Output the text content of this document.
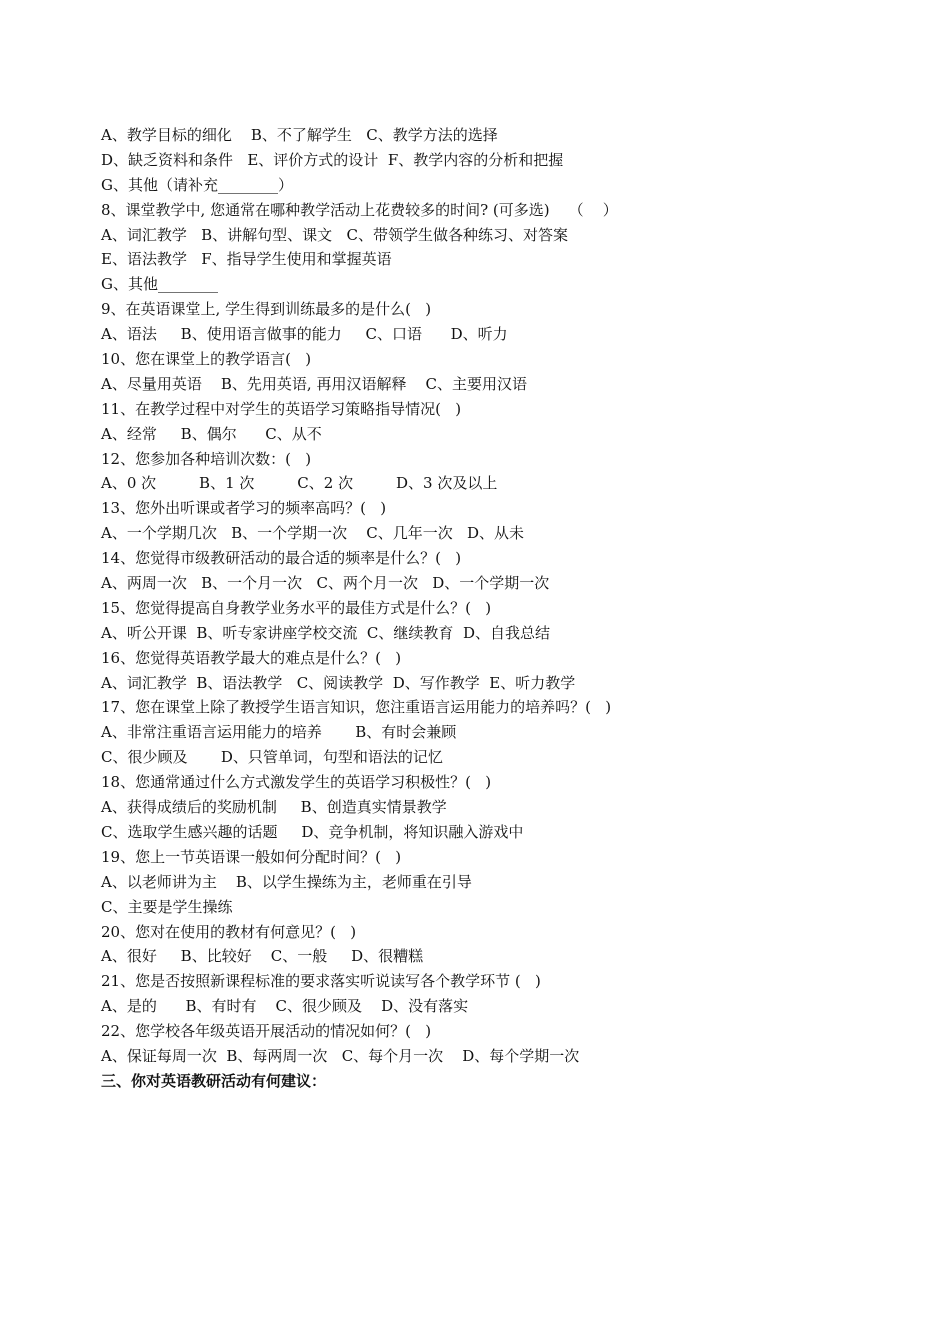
A、教学目标的细化    B、不了解学生   C、教学方法的选择
D、缺乏资料和条件   E、评价方式的设计  F、教学内容的分析和把握
G、其他（请补充________）
8、课堂教学中, 您通常在哪种教学活动上花费较多的时间? (可多选)    （    ）
A、词汇教学   B、讲解句型、课文   C、带领学生做各种练习、对答案
E、语法教学   F、指导学生使用和掌握英语
G、其他________
9、在英语课堂上, 学生得到训练最多的是什么(   )
A、语法     B、使用语言做事的能力     C、口语      D、听力
10、您在课堂上的教学语言(   )
A、尽量用英语    B、先用英语, 再用汉语解释    C、主要用汉语
11、在教学过程中对学生的英语学习策略指导情况(   )
A、经常     B、偶尔      C、从不
12、您参加各种培训次数：(   )
A、0 次         B、1 次         C、2 次         D、3 次及以上
13、您外出听课或者学习的频率高吗？(   )
A、一个学期几次   B、一个学期一次    C、几年一次   D、从未
14、您觉得市级教研活动的最合适的频率是什么？(   )
A、两周一次   B、一个月一次   C、两个月一次   D、一个学期一次
15、您觉得提高自身教学业务水平的最佳方式是什么？(   )
A、听公开课  B、听专家讲座学校交流  C、继续教育  D、自我总结
16、您觉得英语教学最大的难点是什么？(   )
A、词汇教学  B、语法教学   C、阅读教学  D、写作教学  E、听力教学
17、您在课堂上除了教授学生语言知识，您注重语言运用能力的培养吗？(   )
A、非常注重语言运用能力的培养       B、有时会兼顾
C、很少顾及       D、只管单词，句型和语法的记忆
18、您通常通过什么方式激发学生的英语学习积极性？(   )
A、获得成绩后的奖励机制     B、创造真实情景教学
C、选取学生感兴趣的话题     D、竞争机制，将知识融入游戏中
19、您上一节英语课一般如何分配时间？(   )
A、以老师讲为主    B、以学生操练为主，老师重在引导
C、主要是学生操练
20、您对在使用的教材有何意见？(   )
A、很好     B、比较好    C、一般     D、很糟糕
21、您是否按照新课程标准的要求落实听说读写各个教学环节 (   )
A、是的      B、有时有    C、很少顾及    D、没有落实
22、您学校各年级英语开展活动的情况如何？(   )
A、保证每周一次  B、每两周一次   C、每个月一次    D、每个学期一次
三、你对英语教研活动有何建议：
